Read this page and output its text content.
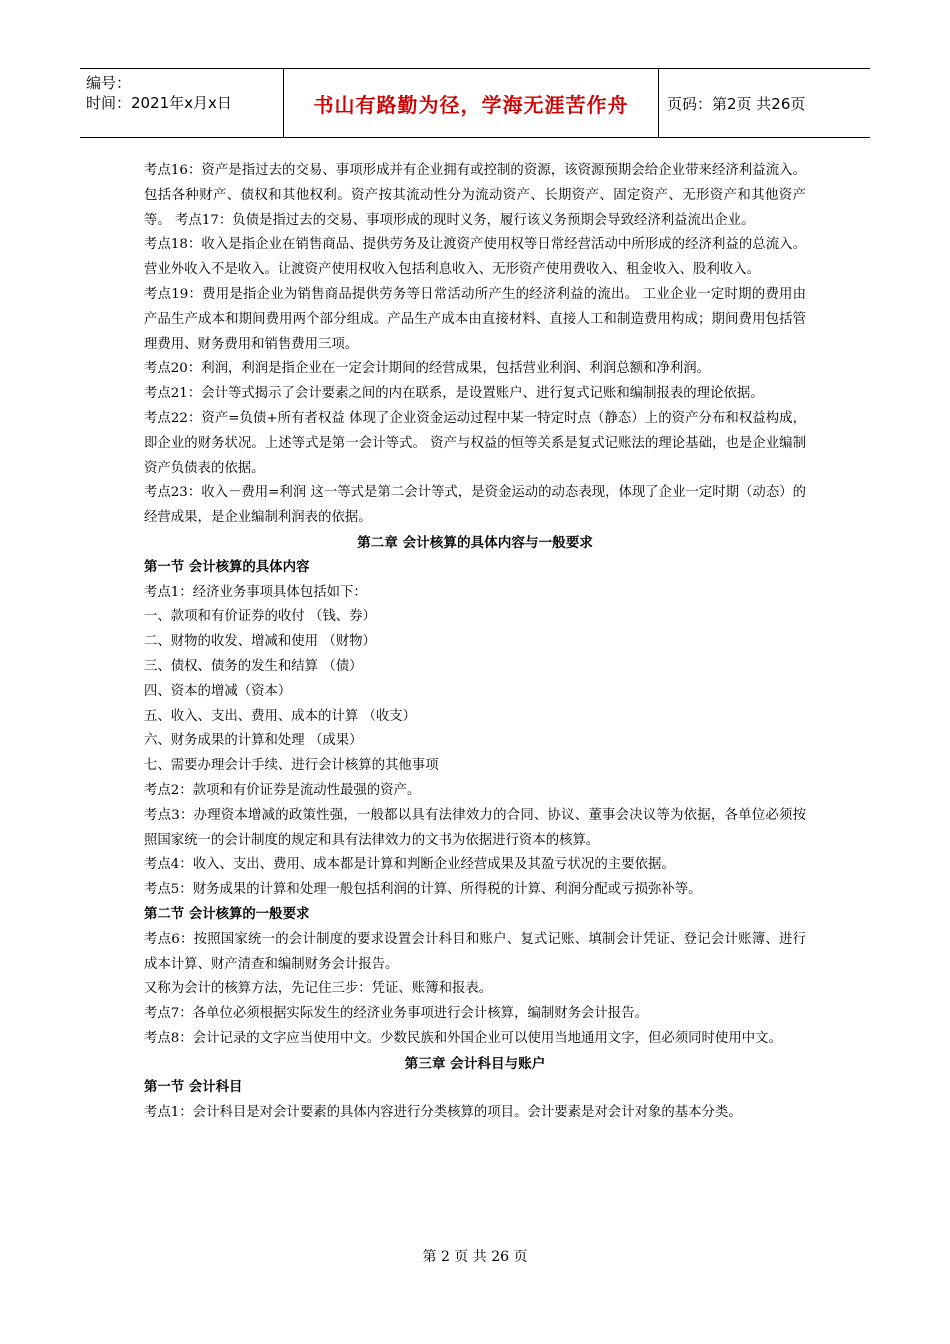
编号：
时间：2021年x月x日	书山有路勤为径，学海无涯苦作舟	页码：第2页 共26页

考点16：资产是指过去的交易、事项形成并有企业拥有或控制的资源，该资源预期会给企业带来经济利益流入。包括各种财产、债权和其他权利。资产按其流动性分为流动资产、长期资产、固定资产、无形资产和其他资产等。 考点17：负债是指过去的交易、事项形成的现时义务，履行该义务预期会导致经济利益流出企业。

考点18：收入是指企业在销售商品、提供劳务及让渡资产使用权等日常经营活动中所形成的经济利益的总流入。 营业外收入不是收入。让渡资产使用权收入包括利息收入、无形资产使用费收入、租金收入、股利收入。

考点19：费用是指企业为销售商品提供劳务等日常活动所产生的经济利益的流出。 工业企业一定时期的费用由产品生产成本和期间费用两个部分组成。产品生产成本由直接材料、直接人工和制造费用构成；期间费用包括管理费用、财务费用和销售费用三项。

考点20：利润，利润是指企业在一定会计期间的经营成果，包括营业利润、利润总额和净利润。

考点21：会计等式揭示了会计要素之间的内在联系，是设置账户、进行复式记账和编制报表的理论依据。

考点22：资产=负债+所有者权益 体现了企业资金运动过程中某一特定时点（静态）上的资产分布和权益构成，即企业的财务状况。上述等式是第一会计等式。 资产与权益的恒等关系是复式记账法的理论基础，也是企业编制资产负债表的依据。

考点23：收入－费用=利润 这一等式是第二会计等式，是资金运动的动态表现，体现了企业一定时期（动态）的经营成果，是企业编制利润表的依据。

第二章 会计核算的具体内容与一般要求

第一节 会计核算的具体内容

考点1：经济业务事项具体包括如下：

一、款项和有价证券的收付 （钱、券）

二、财物的收发、增减和使用 （财物）

三、债权、债务的发生和结算 （债）

四、资本的增减（资本）

五、收入、支出、费用、成本的计算 （收支）

六、财务成果的计算和处理 （成果）

七、需要办理会计手续、进行会计核算的其他事项

考点2：款项和有价证券是流动性最强的资产。

考点3：办理资本增减的政策性强，一般都以具有法律效力的合同、协议、董事会决议等为依据，各单位必须按照国家统一的会计制度的规定和具有法律效力的文书为依据进行资本的核算。

考点4：收入、支出、费用、成本都是计算和判断企业经营成果及其盈亏状况的主要依据。

考点5：财务成果的计算和处理一般包括利润的计算、所得税的计算、利润分配或亏损弥补等。

第二节 会计核算的一般要求

考点6：按照国家统一的会计制度的要求设置会计科目和账户、复式记账、填制会计凭证、登记会计账簿、进行成本计算、财产清查和编制财务会计报告。

又称为会计的核算方法，先记住三步：凭证、账簿和报表。

考点7：各单位必须根据实际发生的经济业务事项进行会计核算，编制财务会计报告。

考点8：会计记录的文字应当使用中文。少数民族和外国企业可以使用当地通用文字，但必须同时使用中文。

第三章 会计科目与账户

第一节 会计科目

考点1：会计科目是对会计要素的具体内容进行分类核算的项目。会计要素是对会计对象的基本分类。

第 2 页 共 26 页
